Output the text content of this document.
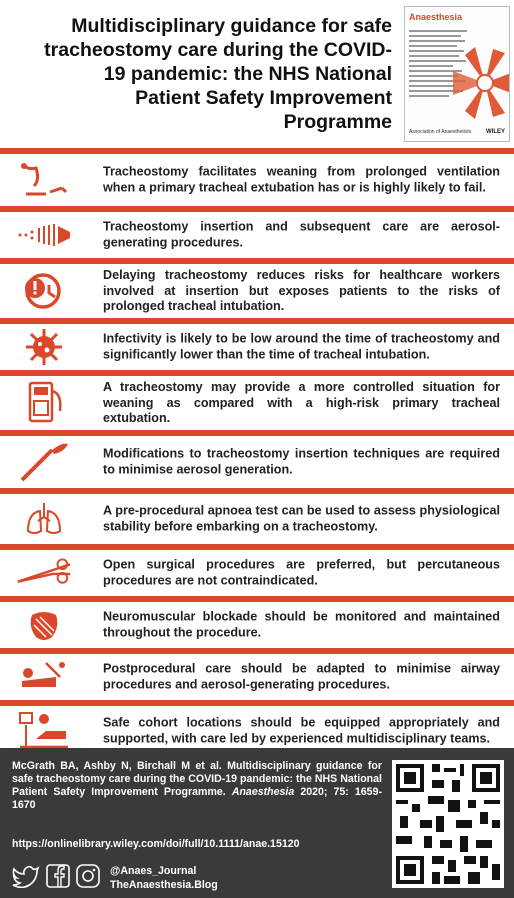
Multidisciplinary guidance for safe tracheostomy care during the COVID-19 pandemic: the NHS National Patient Safety Improvement Programme
Anaesthesia
Association of Anaesthetists WILEY
Tracheostomy facilitates weaning from prolonged ventilation when a primary tracheal extubation has or is highly likely to fail.
Tracheostomy insertion and subsequent care are aerosol-generating procedures.
Delaying tracheostomy reduces risks for healthcare workers involved at insertion but exposes patients to the risks of prolonged tracheal intubation.
Infectivity is likely to be low around the time of tracheostomy and significantly lower than the time of tracheal intubation.
A tracheostomy may provide a more controlled situation for weaning as compared with a high-risk primary tracheal extubation.
Modifications to tracheostomy insertion techniques are required to minimise aerosol generation.
A pre-procedural apnoea test can be used to assess physiological stability before embarking on a tracheostomy.
Open surgical procedures are preferred, but percutaneous procedures are not contraindicated.
Neuromuscular blockade should be monitored and maintained throughout the procedure.
Postprocedural care should be adapted to minimise airway procedures and aerosol-generating procedures.
Safe cohort locations should be equipped appropriately and supported, with care led by experienced multidisciplinary teams.
McGrath BA, Ashby N, Birchall M et al. Multidisciplinary guidance for safe tracheostomy care during the COVID-19 pandemic: the NHS National Patient Safety Improvement Programme. Anaesthesia 2020; 75: 1659-1670
https://onlinelibrary.wiley.com/doi/full/10.1111/anae.15120
@Anaes_Journal
TheAnaesthesia.Blog
